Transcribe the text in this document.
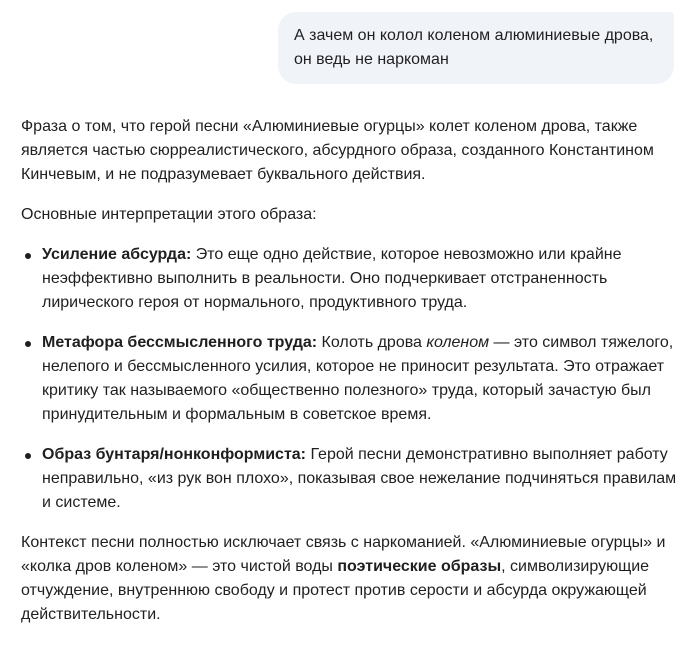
А зачем он колол коленом алюминиевые дрова, он ведь не наркоман

Фраза о том, что герой песни «Алюминиевые огурцы» колет коленом дрова, также является частью сюрреалистического, абсурдного образа, созданного Константином Кинчевым, и не подразумевает буквального действия.

Основные интерпретации этого образа:

Усиление абсурда: Это еще одно действие, которое невозможно или крайне неэффективно выполнить в реальности. Оно подчеркивает отстраненность лирического героя от нормального, продуктивного труда.
Метафора бессмысленного труда: Колоть дрова коленом — это символ тяжелого, нелепого и бессмысленного усилия, которое не приносит результата. Это отражает критику так называемого «общественно полезного» труда, который зачастую был принудительным и формальным в советское время.
Образ бунтаря/нонконформиста: Герой песни демонстративно выполняет работу неправильно, «из рук вон плохо», показывая свое нежелание подчиняться правилам и системе.

Контекст песни полностью исключает связь с наркоманией. «Алюминиевые огурцы» и «колка дров коленом» — это чистой воды поэтические образы, символизирующие отчуждение, внутреннюю свободу и протест против серости и абсурда окружающей действительности.
